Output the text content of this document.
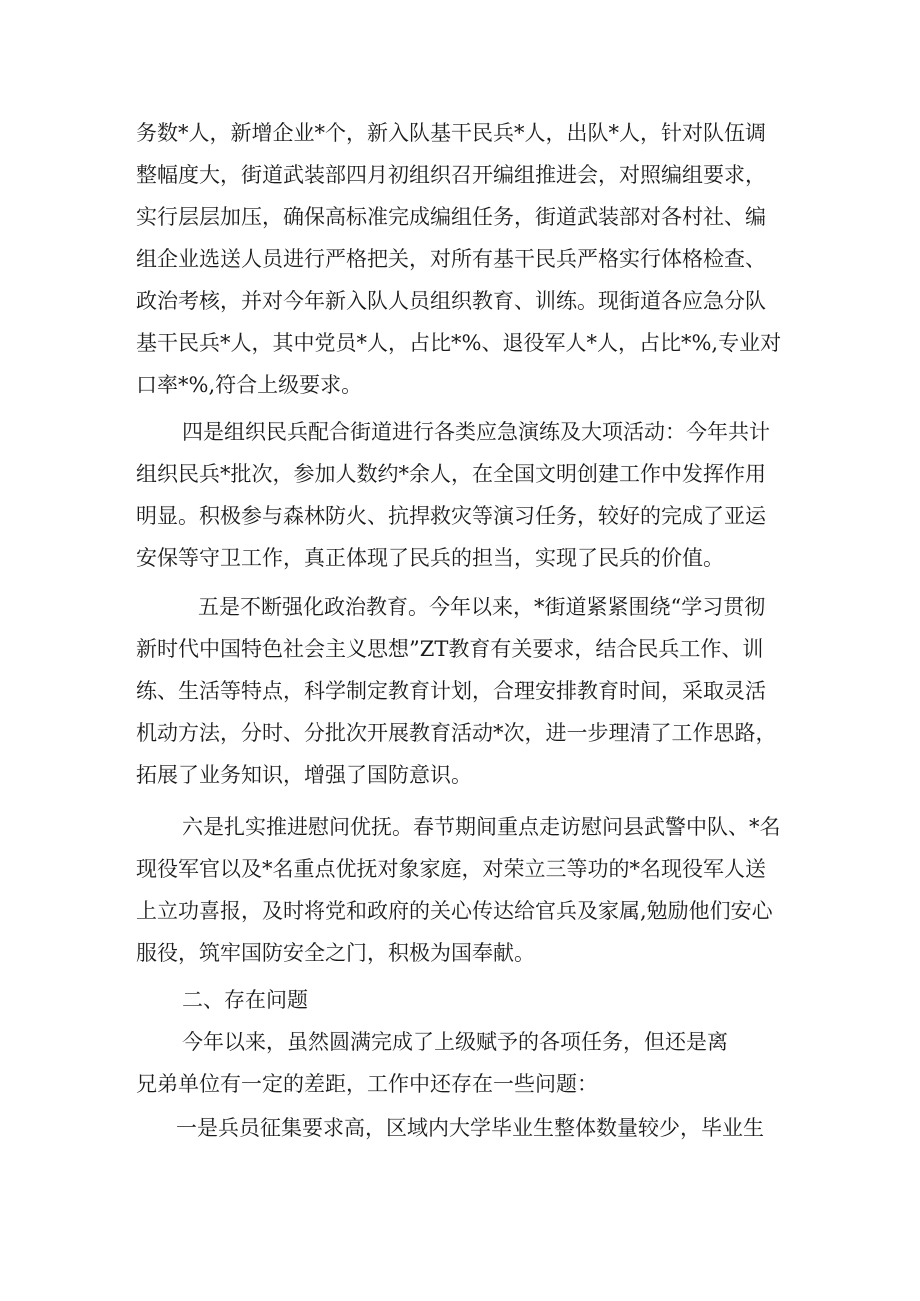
务数*人，新增企业*个，新入队基干民兵*人，出队*人，针对队伍调
整幅度大，街道武装部四月初组织召开编组推进会，对照编组要求，
实行层层加压，确保高标准完成编组任务，街道武装部对各村社、编
组企业选送人员进行严格把关，对所有基干民兵严格实行体格检查、
政治考核，并对今年新入队人员组织教育、训练。现街道各应急分队
基干民兵*人，其中党员*人，占比*%、退役军人*人，占比*%,专业对
口率*%,符合上级要求。
四是组织民兵配合街道进行各类应急演练及大项活动：今年共计
组织民兵*批次，参加人数约*余人，在全国文明创建工作中发挥作用
明显。积极参与森林防火、抗捍救灾等演习任务，较好的完成了亚运
安保等守卫工作，真正体现了民兵的担当，实现了民兵的价值。
五是不断强化政治教育。今年以来，*街道紧紧围绕“学习贯彻
新时代中国特色社会主义思想”ZT教育有关要求，结合民兵工作、训
练、生活等特点，科学制定教育计划，合理安排教育时间，采取灵活
机动方法，分时、分批次开展教育活动*次，进一步理清了工作思路，
拓展了业务知识，增强了国防意识。
六是扎实推进慰问优抚。春节期间重点走访慰问县武警中队、*名
现役军官以及*名重点优抚对象家庭，对荣立三等功的*名现役军人送
上立功喜报，及时将党和政府的关心传达给官兵及家属,勉励他们安心
服役，筑牢国防安全之门，积极为国奉献。
二、存在问题
今年以来，虽然圆满完成了上级赋予的各项任务，但还是离
兄弟单位有一定的差距，工作中还存在一些问题：
一是兵员征集要求高，区域内大学毕业生整体数量较少，毕业生
